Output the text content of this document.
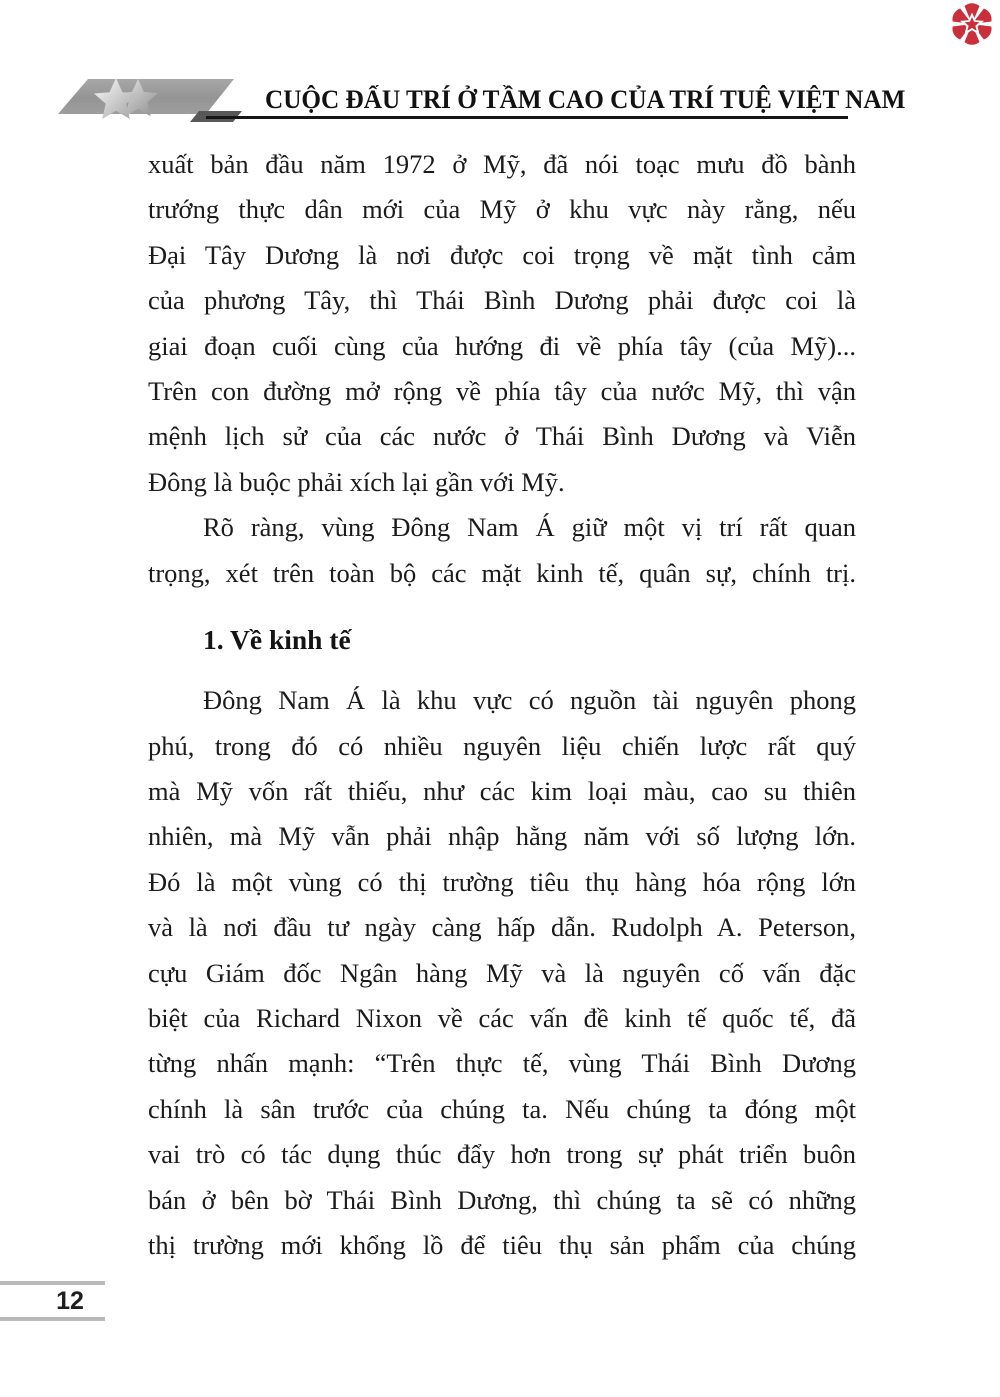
CUỘC ĐẤU TRÍ Ở TẦM CAO CỦA TRÍ TUỆ VIỆT NAM
xuất bản đầu năm 1972 ở Mỹ, đã nói toạc mưu đồ bành
trướng thực dân mới của Mỹ ở khu vực này rằng, nếu
Đại Tây Dương là nơi được coi trọng về mặt tình cảm
của phương Tây, thì Thái Bình Dương phải được coi là
giai đoạn cuối cùng của hướng đi về phía tây (của Mỹ)...
Trên con đường mở rộng về phía tây của nước Mỹ, thì vận
mệnh lịch sử của các nước ở Thái Bình Dương và Viễn
Đông là buộc phải xích lại gần với Mỹ.
Rõ ràng, vùng Đông Nam Á giữ một vị trí rất quan
trọng, xét trên toàn bộ các mặt kinh tế, quân sự, chính trị.
1. Về kinh tế
Đông Nam Á là khu vực có nguồn tài nguyên phong
phú, trong đó có nhiều nguyên liệu chiến lược rất quý
mà Mỹ vốn rất thiếu, như các kim loại màu, cao su thiên
nhiên, mà Mỹ vẫn phải nhập hằng năm với số lượng lớn.
Đó là một vùng có thị trường tiêu thụ hàng hóa rộng lớn
và là nơi đầu tư ngày càng hấp dẫn. Rudolph A. Peterson,
cựu Giám đốc Ngân hàng Mỹ và là nguyên cố vấn đặc
biệt của Richard Nixon về các vấn đề kinh tế quốc tế, đã
từng nhấn mạnh: “Trên thực tế, vùng Thái Bình Dương
chính là sân trước của chúng ta. Nếu chúng ta đóng một
vai trò có tác dụng thúc đẩy hơn trong sự phát triển buôn
bán ở bên bờ Thái Bình Dương, thì chúng ta sẽ có những
thị trường mới khổng lồ để tiêu thụ sản phẩm của chúng
12
